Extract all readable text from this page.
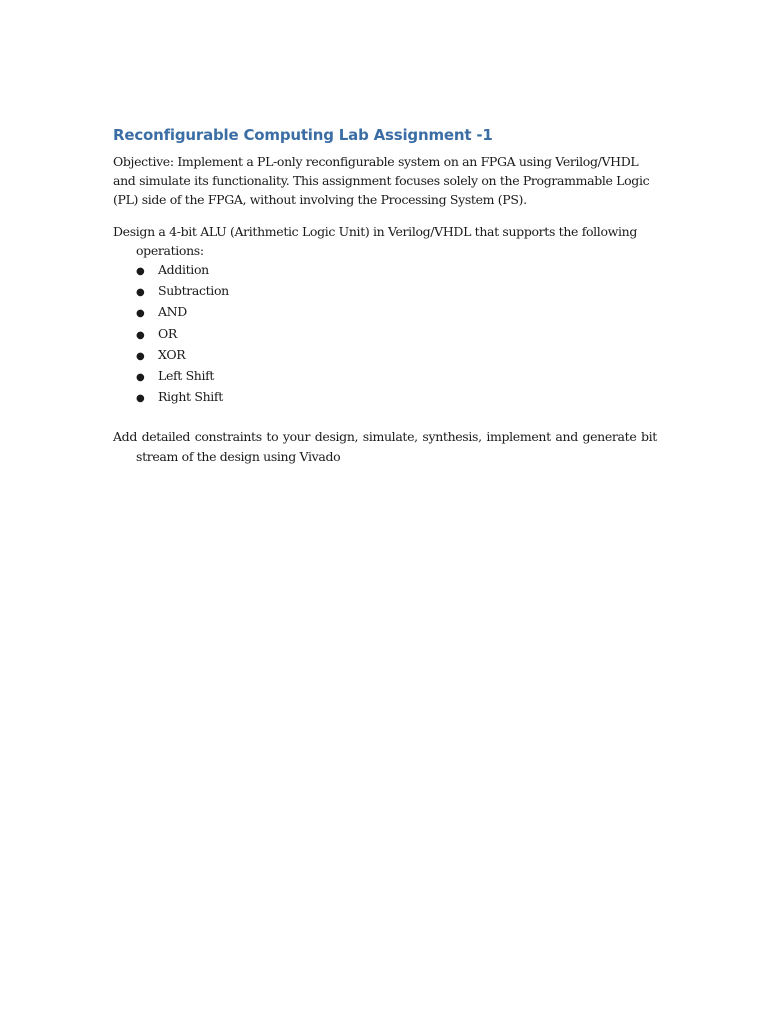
Reconfigurable Computing Lab Assignment -1

Objective: Implement a PL-only reconfigurable system on an FPGA using Verilog/VHDL and simulate its functionality. This assignment focuses solely on the Programmable Logic (PL) side of the FPGA, without involving the Processing System (PS).

Design a 4-bit ALU (Arithmetic Logic Unit) in Verilog/VHDL that supports the following operations:

●	Addition
●	Subtraction
●	AND
●	OR
●	XOR
●	Left Shift
●	Right Shift

Add detailed constraints to your design, simulate, synthesis, implement and generate bit stream of the design using Vivado
